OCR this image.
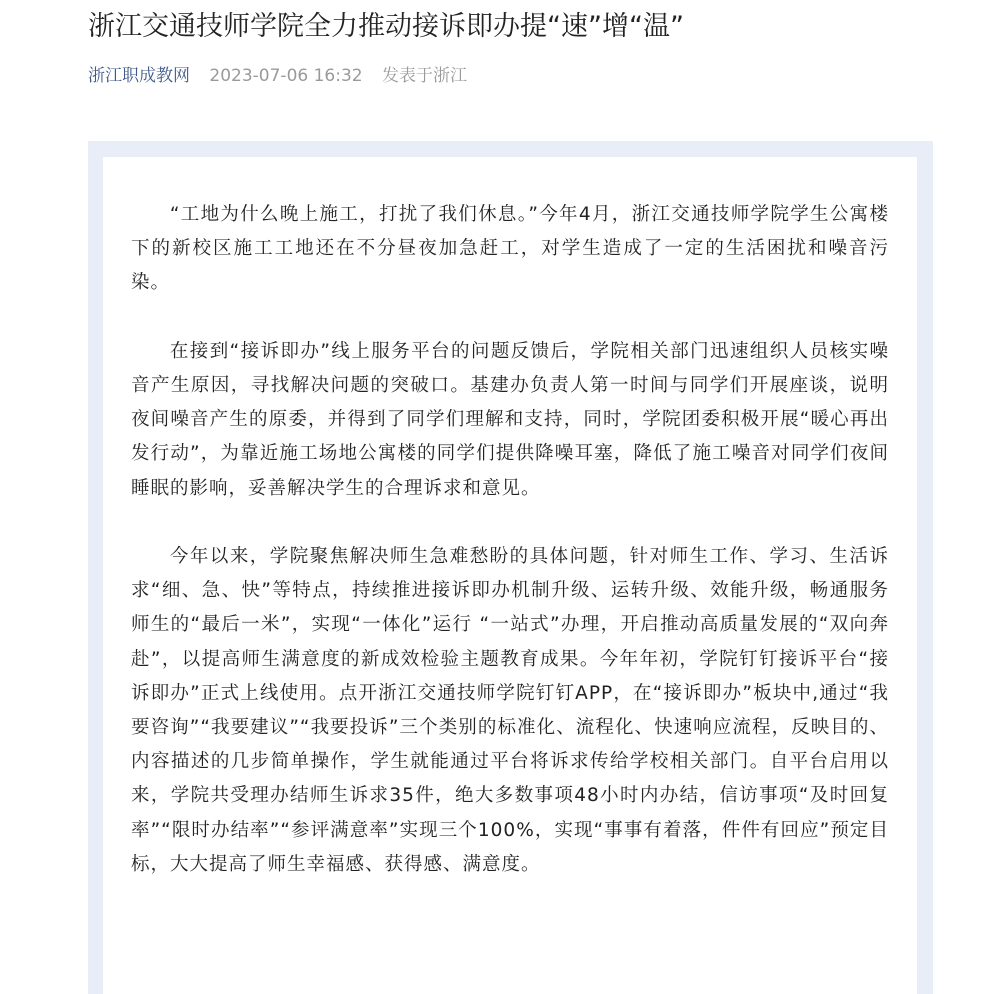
浙江交通技师学院全力推动接诉即办提“速”增“温”
浙江职成教网 2023-07-06 16:32 发表于浙江

“工地为什么晚上施工，打扰了我们休息。”今年4月，浙江交通技师学院学生公寓楼下的新校区施工工地还在不分昼夜加急赶工，对学生造成了一定的生活困扰和噪音污染。

在接到“接诉即办”线上服务平台的问题反馈后，学院相关部门迅速组织人员核实噪音产生原因，寻找解决问题的突破口。基建办负责人第一时间与同学们开展座谈，说明夜间噪音产生的原委，并得到了同学们理解和支持，同时，学院团委积极开展“暖心再出发行动”，为靠近施工场地公寓楼的同学们提供降噪耳塞，降低了施工噪音对同学们夜间睡眠的影响，妥善解决学生的合理诉求和意见。

今年以来，学院聚焦解决师生急难愁盼的具体问题，针对师生工作、学习、生活诉求“细、急、快”等特点，持续推进接诉即办机制升级、运转升级、效能升级，畅通服务师生的“最后一米”，实现“一体化”运行 “一站式”办理，开启推动高质量发展的“双向奔赴”，以提高师生满意度的新成效检验主题教育成果。今年年初，学院钉钉接诉平台“接诉即办”正式上线使用。点开浙江交通技师学院钉钉APP，在“接诉即办”板块中,通过“我要咨询”“我要建议”“我要投诉”三个类别的标准化、流程化、快速响应流程，反映目的、内容描述的几步简单操作，学生就能通过平台将诉求传给学校相关部门。自平台启用以来，学院共受理办结师生诉求35件，绝大多数事项48小时内办结，信访事项“及时回复率”“限时办结率”“参评满意率”实现三个100%，实现“事事有着落，件件有回应”预定目标，大大提高了师生幸福感、获得感、满意度。
